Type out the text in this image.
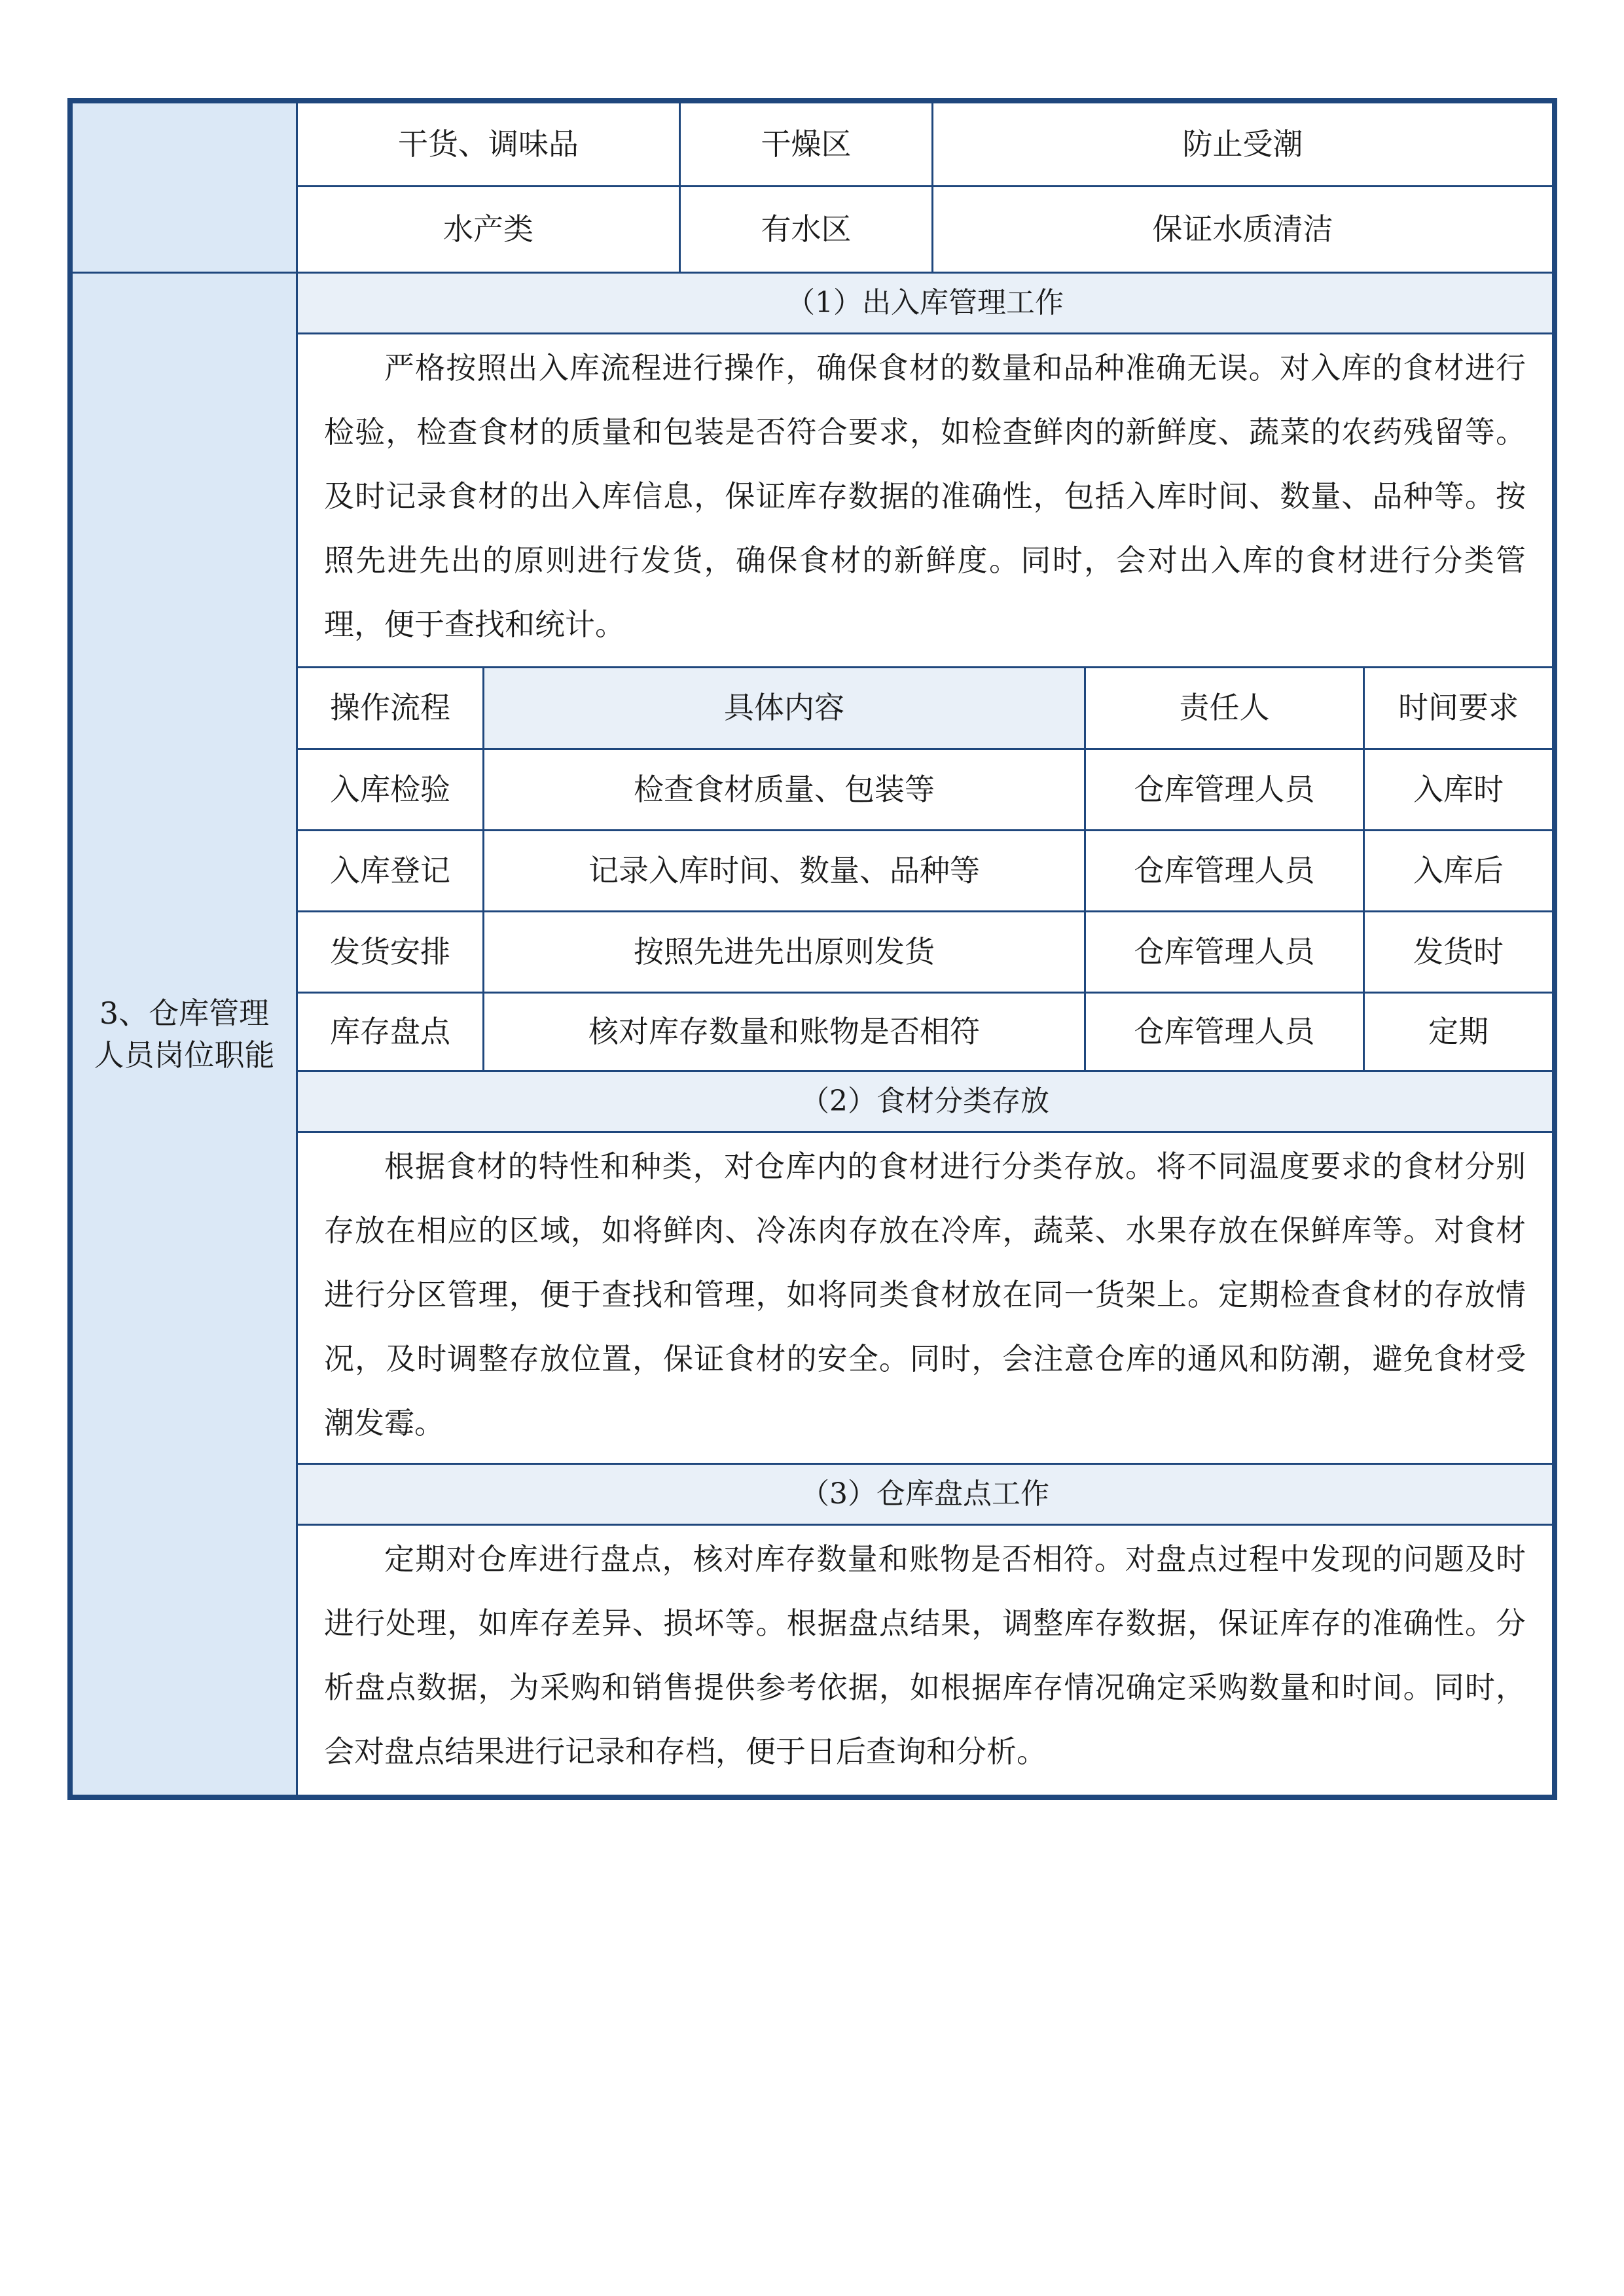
干货、调味品	干燥区	防止受潮
水产类	有水区	保证水质清洁
3、仓库管理人员岗位职能
（1）出入库管理工作
严格按照出入库流程进行操作，确保食材的数量和品种准确无误。对入库的食材进行检验，检查食材的质量和包装是否符合要求，如检查鲜肉的新鲜度、蔬菜的农药残留等。及时记录食材的出入库信息，保证库存数据的准确性，包括入库时间、数量、品种等。按照先进先出的原则进行发货，确保食材的新鲜度。同时，会对出入库的食材进行分类管理，便于查找和统计。
操作流程	具体内容	责任人	时间要求
入库检验	检查食材质量、包装等	仓库管理人员	入库时
入库登记	记录入库时间、数量、品种等	仓库管理人员	入库后
发货安排	按照先进先出原则发货	仓库管理人员	发货时
库存盘点	核对库存数量和账物是否相符	仓库管理人员	定期
（2）食材分类存放
根据食材的特性和种类，对仓库内的食材进行分类存放。将不同温度要求的食材分别存放在相应的区域，如将鲜肉、冷冻肉存放在冷库，蔬菜、水果存放在保鲜库等。对食材进行分区管理，便于查找和管理，如将同类食材放在同一货架上。定期检查食材的存放情况，及时调整存放位置，保证食材的安全。同时，会注意仓库的通风和防潮，避免食材受潮发霉。
（3）仓库盘点工作
定期对仓库进行盘点，核对库存数量和账物是否相符。对盘点过程中发现的问题及时进行处理，如库存差异、损坏等。根据盘点结果，调整库存数据，保证库存的准确性。分析盘点数据，为采购和销售提供参考依据，如根据库存情况确定采购数量和时间。同时，会对盘点结果进行记录和存档，便于日后查询和分析。
